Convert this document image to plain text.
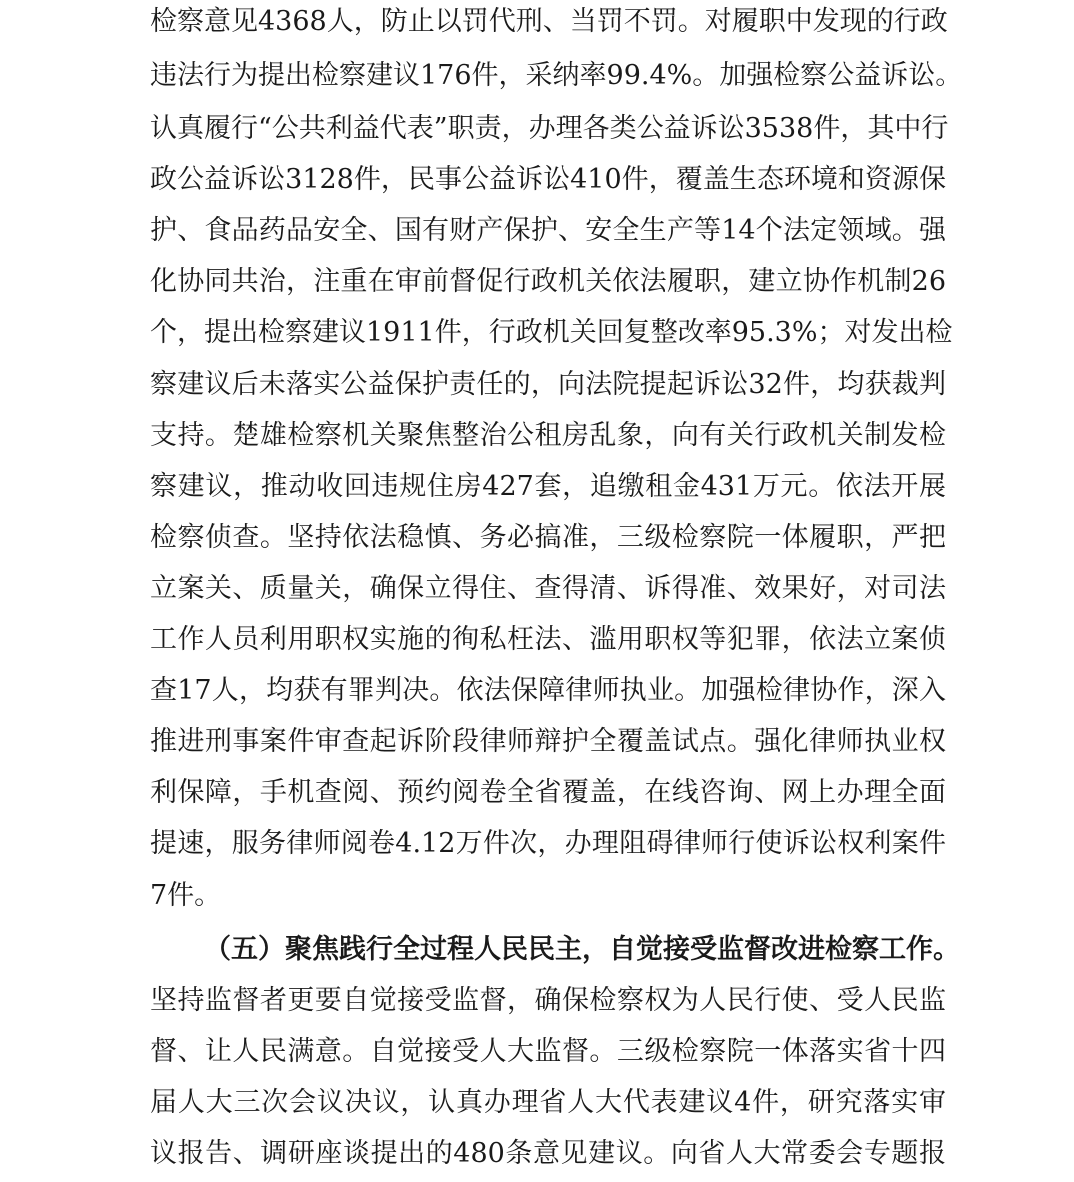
检察意见4368人，防止以罚代刑、当罚不罚。对履职中发现的行政
违法行为提出检察建议176件，采纳率99.4%。加强检察公益诉讼。
认真履行“公共利益代表”职责，办理各类公益诉讼3538件，其中行
政公益诉讼3128件，民事公益诉讼410件，覆盖生态环境和资源保
护、食品药品安全、国有财产保护、安全生产等14个法定领域。强
化协同共治，注重在审前督促行政机关依法履职，建立协作机制26
个，提出检察建议1911件，行政机关回复整改率95.3%；对发出检
察建议后未落实公益保护责任的，向法院提起诉讼32件，均获裁判
支持。楚雄检察机关聚焦整治公租房乱象，向有关行政机关制发检
察建议，推动收回违规住房427套，追缴租金431万元。依法开展
检察侦查。坚持依法稳慎、务必搞准，三级检察院一体履职，严把
立案关、质量关，确保立得住、查得清、诉得准、效果好，对司法
工作人员利用职权实施的徇私枉法、滥用职权等犯罪，依法立案侦
查17人，均获有罪判决。依法保障律师执业。加强检律协作，深入
推进刑事案件审查起诉阶段律师辩护全覆盖试点。强化律师执业权
利保障，手机查阅、预约阅卷全省覆盖，在线咨询、网上办理全面
提速，服务律师阅卷4.12万件次，办理阻碍律师行使诉讼权利案件
7件。
（五）聚焦践行全过程人民民主，自觉接受监督改进检察工作。
坚持监督者更要自觉接受监督，确保检察权为人民行使、受人民监
督、让人民满意。自觉接受人大监督。三级检察院一体落实省十四
届人大三次会议决议，认真办理省人大代表建议4件，研究落实审
议报告、调研座谈提出的480条意见建议。向省人大常委会专题报
